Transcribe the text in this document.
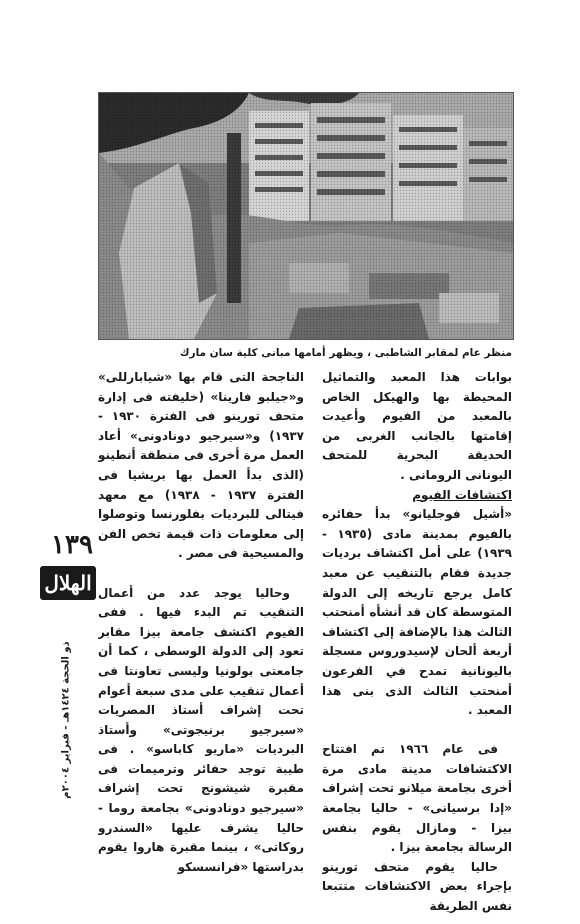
منظر عام لمقابر الشاطبى ، ويظهر أمامها مبانى كلية سان مارك

بوابات هذا المعبد والتماثيل المحيطة بها والهيكل الخاص بالمعبد من الفيوم وأعيدت إقامتها بالجانب الغربى من الحديقة البحرية للمتحف اليونانى الرومانى .

اكتشافات الفيوم

«أشيل فوجليانو» بدأ حفائره بالفيوم بمدينة مادى (١٩٣٥ - ١٩٣٩) على أمل اكتشاف برديات جديدة فقام بالتنقيب عن معبد كامل يرجع تاريخه إلى الدولة المتوسطة كان قد أنشأه أمنحتب الثالث هذا بالإضافة إلى اكتشاف أربعة ألحان لإسيدوروس مسجلة باليونانية تمدح في الفرعون أمنحتب الثالث الذى بنى هذا المعبد .

فى عام ١٩٦٦ تم افتتاح الاكتشافات مدينة مادى مرة أخرى بجامعة ميلانو تحت إشراف «إدا برسيانى» - حاليا بجامعة بيزا - ومازال يقوم بنفس الرسالة بجامعة بيزا .

حاليا يقوم متحف تورينو بإجراء بعض الاكتشافات متتبعا نفس الطريقة

الناجحة التى قام بها «شيابارللى» و«جيلبو فارينا» (خليفته فى إدارة متحف تورينو فى الفترة ١٩٣٠ - ١٩٣٧) و«سيرجيو دونادونى» أعاد العمل مرة أخرى فى منطقة أنطينو (الذى بدأ العمل بها بريشيا فى الفترة ١٩٣٧ - ١٩٣٨) مع معهد فيتالى للبرديات بفلورنسا وتوصلوا إلى معلومات ذات قيمة تخص الفن والمسيحية فى مصر .

وحاليا يوجد عدد من أعمال التنقيب تم البدء فيها . ففى الفيوم اكتشف جامعة بيزا مقابر تعود إلى الدولة الوسطى ، كما أن جامعتى بولونيا وليسى تعاونتا فى أعمال تنقيب على مدى سبعة أعوام تحت إشراف أستاذ المصريات «سيرجيو برنيجوتى» وأستاذ البرديات «ماريو كاباسو» . فى طيبة توجد حفائر وترميمات فى مقبرة شيشونج تحت إشراف «سيرجيو دونادونى» بجامعة روما - حاليا يشرف عليها «السندرو روكاتى» ، بينما مقبرة هاروا يقوم بدراستها «فرانسسكو

١٣٩
الهلال
ذو الحجة ١٤٢٤هـ - فبراير ٢٠٠٤م
